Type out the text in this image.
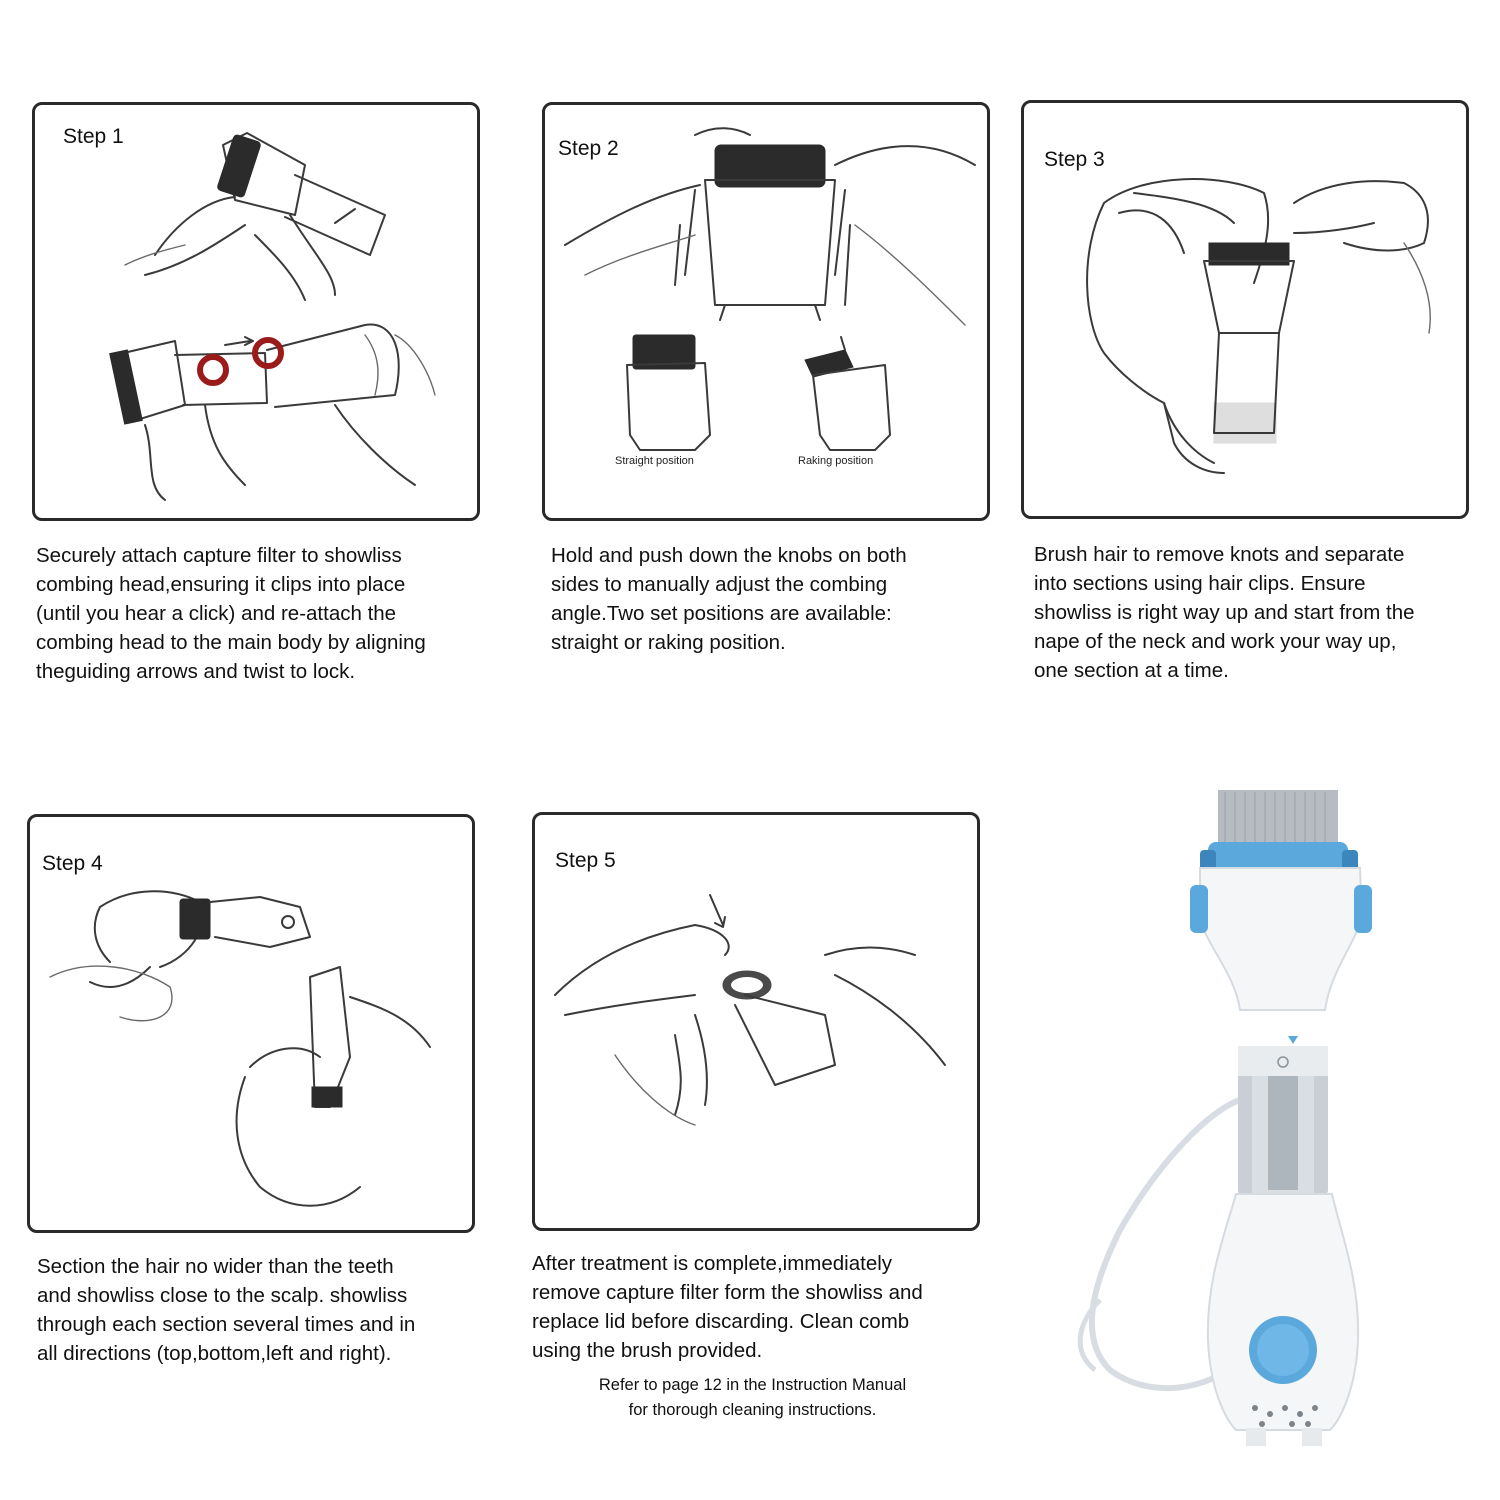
Step 1
Securely attach capture filter to showliss
combing head,ensuring it clips into place
(until you hear a click) and re-attach the
combing head to the main body by aligning
theguiding arrows and twist to lock.
Step 2
Straight position	Raking position
Hold and push down the knobs on both
sides to manually adjust the combing
angle.Two set positions are available:
straight or raking position.
Step 3
Brush hair to remove knots and separate
into sections using hair clips. Ensure
showliss is right way up and start from the
nape of the neck and work your way up,
one section at a time.
Step 4
Section the hair no wider than the teeth
and showliss close to the scalp. showliss
through each section several times and in
all directions (top,bottom,left and right).
Step 5
After treatment is complete,immediately
remove capture filter form the showliss and
replace lid before discarding. Clean comb
using the brush provided.
Refer to page 12 in the Instruction Manual
for thorough cleaning instructions.
